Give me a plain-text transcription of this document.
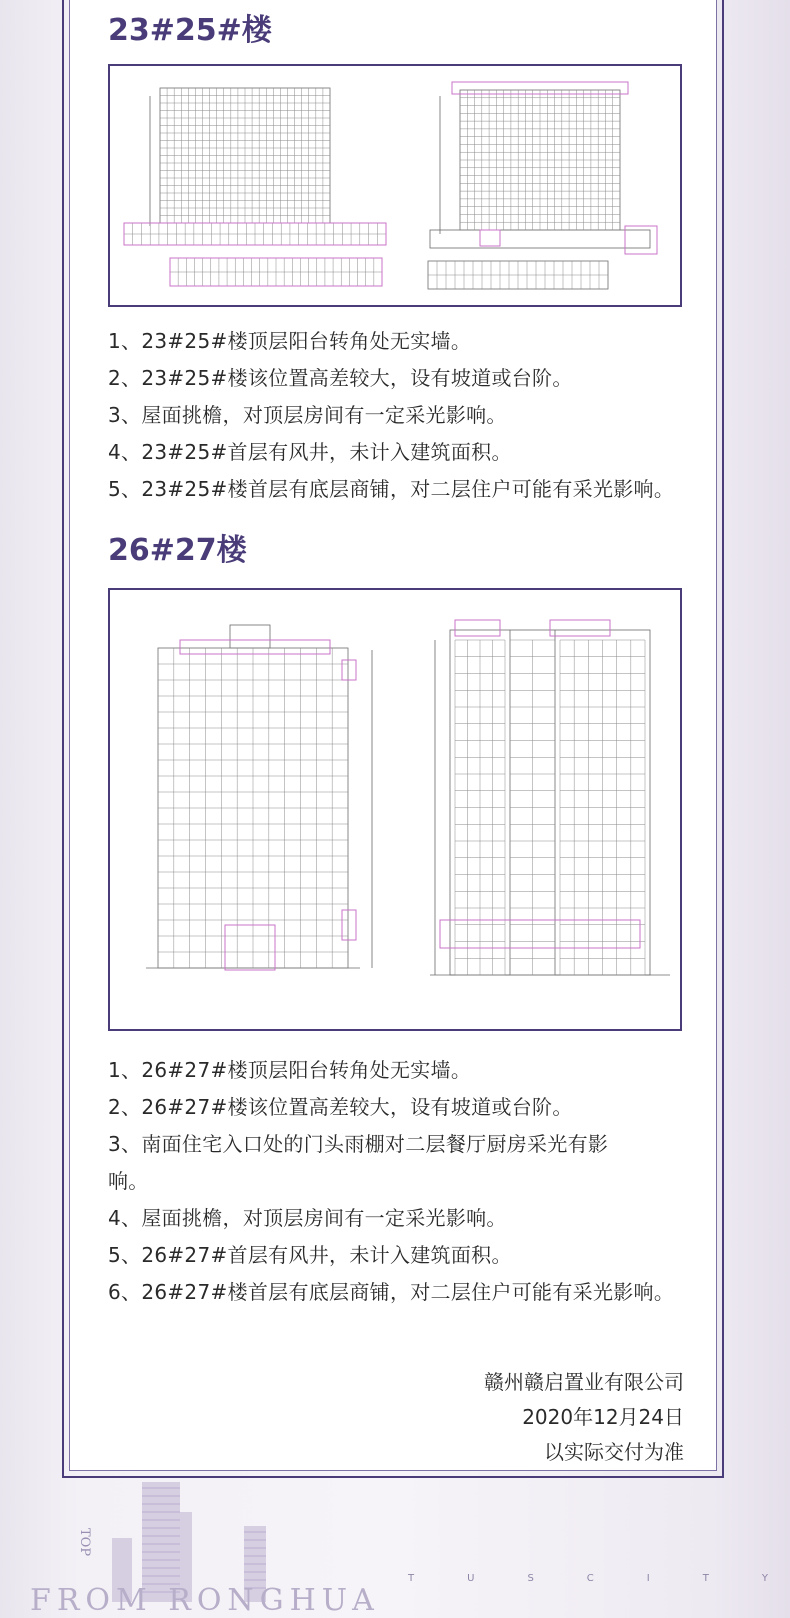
23#25#楼
1、23#25#楼顶层阳台转角处无实墙。
2、23#25#楼该位置高差较大，设有坡道或台阶。
3、屋面挑檐，对顶层房间有一定采光影响。
4、23#25#首层有风井，未计入建筑面积。
5、23#25#楼首层有底层商铺，对二层住户可能有采光影响。
26#27楼
1、26#27#楼顶层阳台转角处无实墙。
2、26#27#楼该位置高差较大，设有坡道或台阶。
3、南面住宅入口处的门头雨棚对二层餐厅厨房采光有影
响。
4、屋面挑檐，对顶层房间有一定采光影响。
5、26#27#首层有风井，未计入建筑面积。
6、26#27#楼首层有底层商铺，对二层住户可能有采光影响。
赣州赣启置业有限公司
2020年12月24日
以实际交付为准
TOP
FROM RONGHUA
T	U	S	C	I	T	Y
